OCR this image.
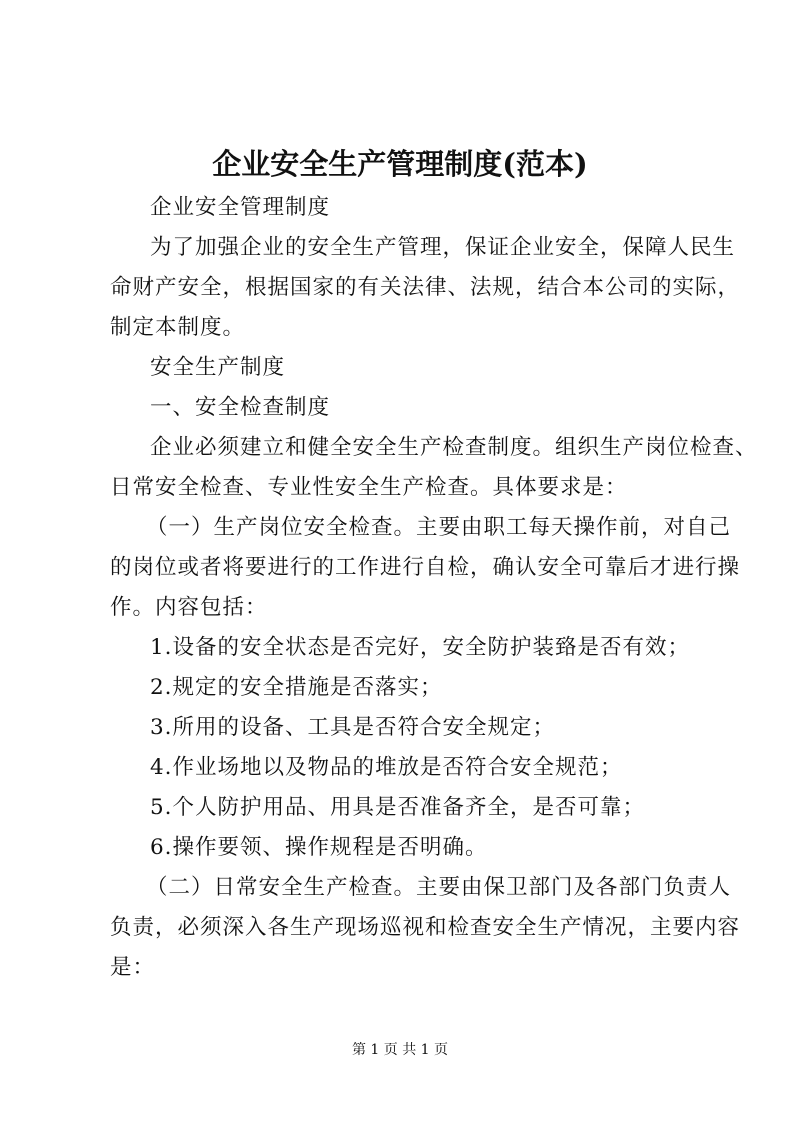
企业安全生产管理制度(范本)
企业安全管理制度
为了加强企业的安全生产管理，保证企业安全，保障人民生
命财产安全，根据国家的有关法律、法规，结合本公司的实际，
制定本制度。
安全生产制度
一、安全检查制度
企业必须建立和健全安全生产检查制度。组织生产岗位检查、
日常安全检查、专业性安全生产检查。具体要求是：
（一）生产岗位安全检查。主要由职工每天操作前，对自己
的岗位或者将要进行的工作进行自检，确认安全可靠后才进行操
作。内容包括：
1.设备的安全状态是否完好，安全防护装臵是否有效；
2.规定的安全措施是否落实；
3.所用的设备、工具是否符合安全规定；
4.作业场地以及物品的堆放是否符合安全规范；
5.个人防护用品、用具是否准备齐全，是否可靠；
6.操作要领、操作规程是否明确。
（二）日常安全生产检查。主要由保卫部门及各部门负责人
负责，必须深入各生产现场巡视和检查安全生产情况，主要内容
是：
第 1 页 共 1 页
